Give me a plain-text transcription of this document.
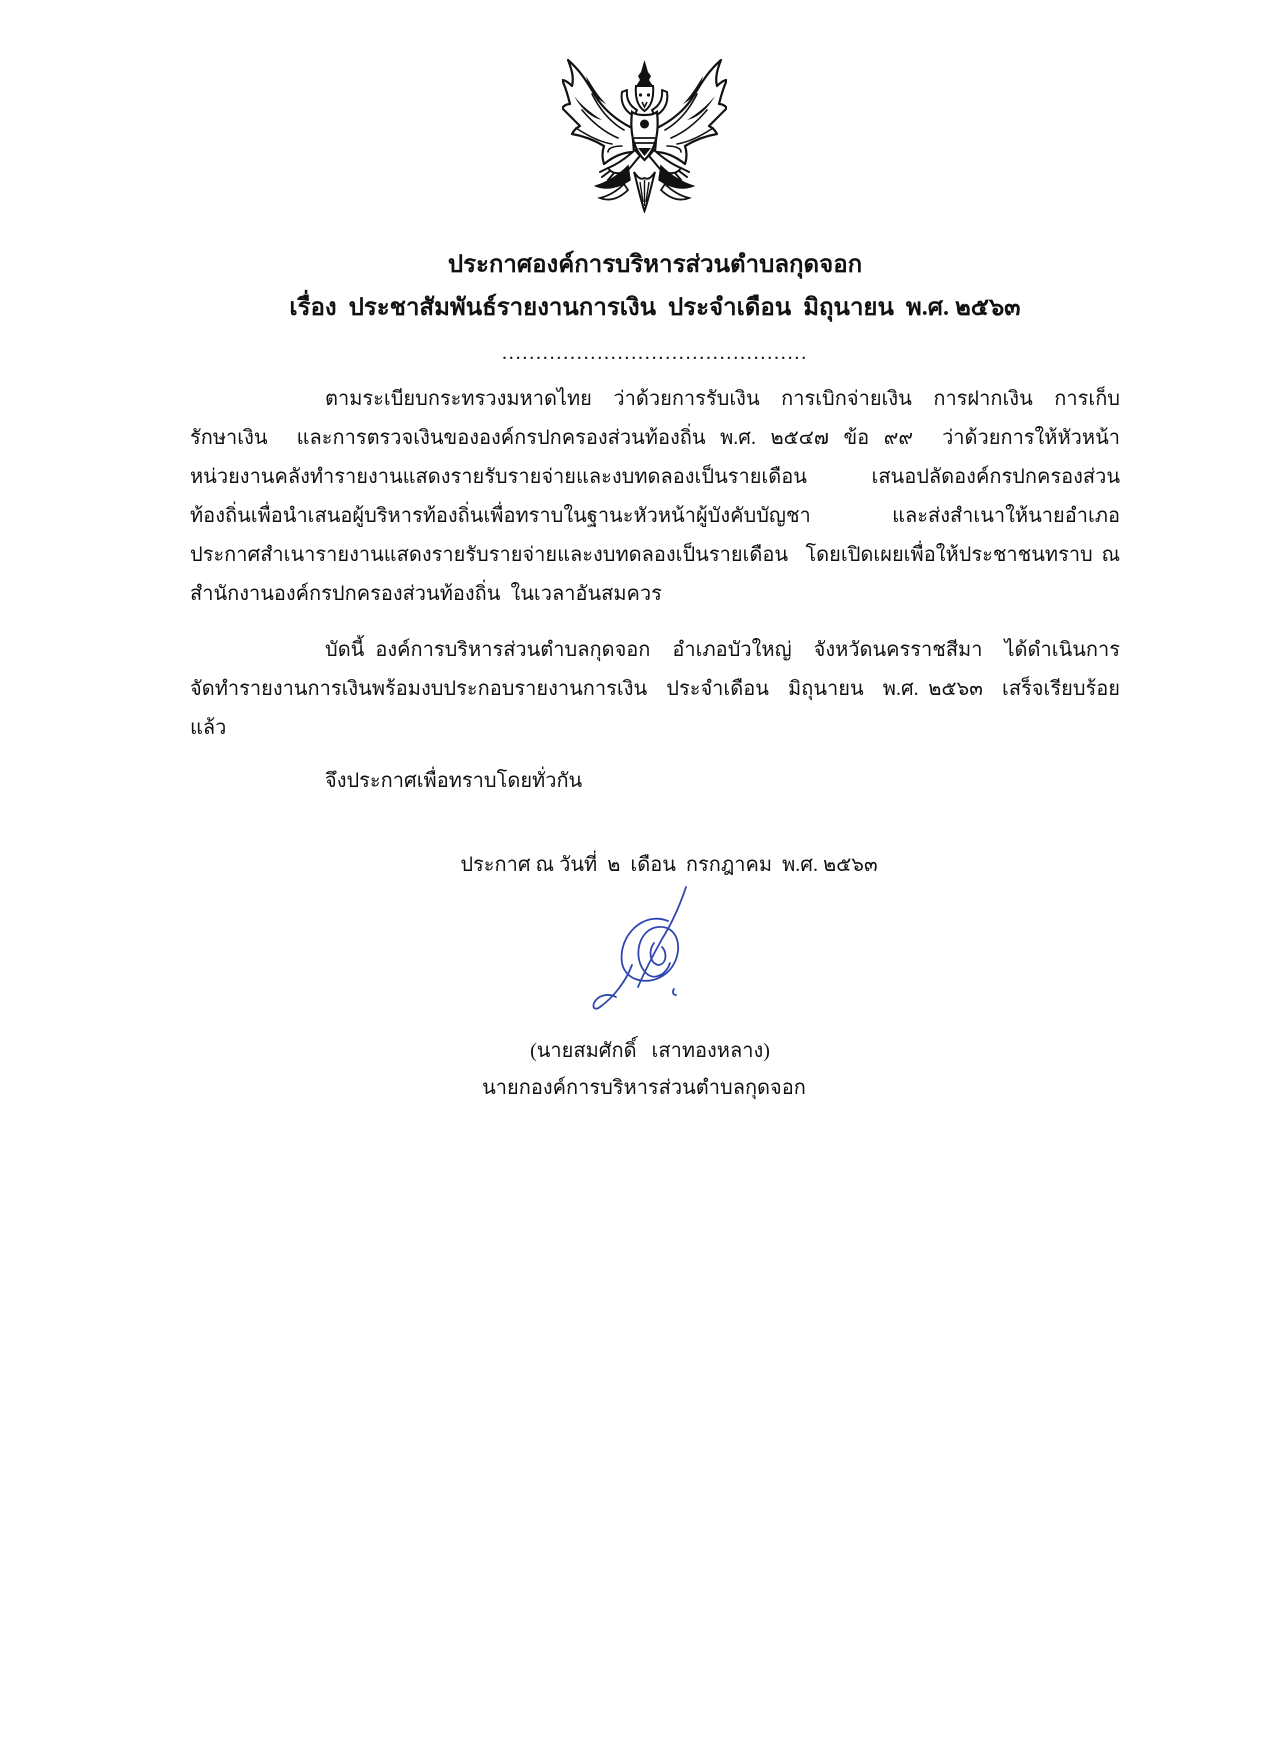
ประกาศองค์การบริหารส่วนตำบลกุดจอก
เรื่อง  ประชาสัมพันธ์รายงานการเงิน  ประจำเดือน  มิถุนายน  พ.ศ. ๒๕๖๓
.............................................
ตามระเบียบกระทรวงมหาดไทย  ว่าด้วยการรับเงิน  การเบิกจ่ายเงิน  การฝากเงิน  การเก็บ
รักษาเงิน  และการตรวจเงินขององค์กรปกครองส่วนท้องถิ่น พ.ศ. ๒๕๔๗ ข้อ ๙๙  ว่าด้วยการให้หัวหน้า
หน่วยงานคลังทำรายงานแสดงรายรับรายจ่ายและงบทดลองเป็นรายเดือน  เสนอปลัดองค์กรปกครองส่วน
ท้องถิ่นเพื่อนำเสนอผู้บริหารท้องถิ่นเพื่อทราบในฐานะหัวหน้าผู้บังคับบัญชา  และส่งสำเนาให้นายอำเภอ
ประกาศสำเนารายงานแสดงรายรับรายจ่ายและงบทดลองเป็นรายเดือน  โดยเปิดเผยเพื่อให้ประชาชนทราบ ณ
สำนักงานองค์กรปกครองส่วนท้องถิ่น  ในเวลาอันสมควร
บัดนี้ องค์การบริหารส่วนตำบลกุดจอก  อำเภอบัวใหญ่  จังหวัดนครราชสีมา  ได้ดำเนินการ
จัดทำรายงานการเงินพร้อมงบประกอบรายงานการเงิน  ประจำเดือน  มิถุนายน  พ.ศ. ๒๕๖๓  เสร็จเรียบร้อย
แล้ว
จึงประกาศเพื่อทราบโดยทั่วกัน
ประกาศ ณ วันที่  ๒  เดือน  กรกฎาคม  พ.ศ. ๒๕๖๓
(นายสมศักดิ์   เสาทองหลาง)
นายกองค์การบริหารส่วนตำบลกุดจอก
